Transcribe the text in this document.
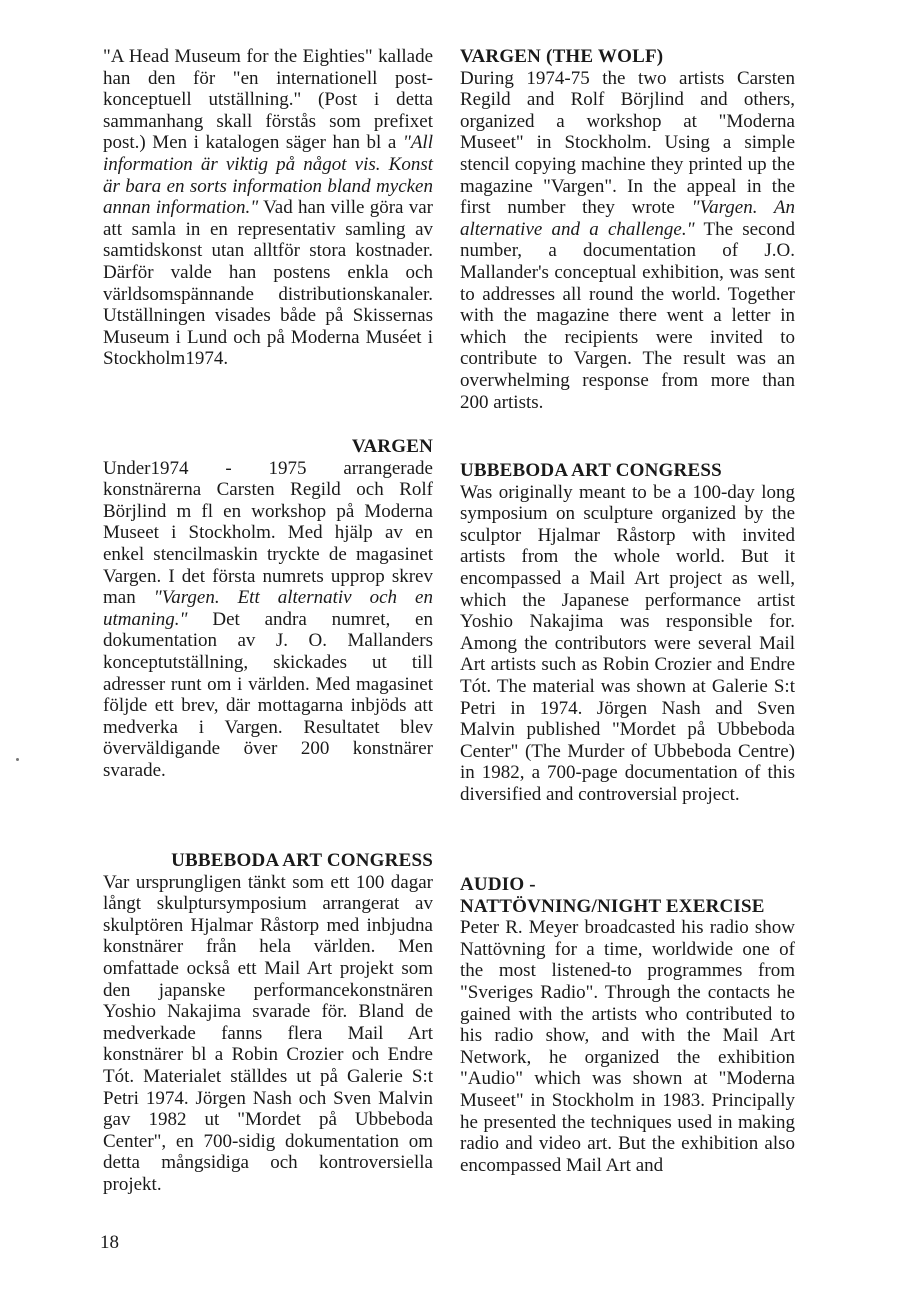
"A Head Museum for the Eighties" kallade han den för "en internationell post-konceptuell utställning." (Post i detta sammanhang skall förstås som prefixet post.) Men i katalogen säger han bl a "All information är viktig på något vis. Konst är bara en sorts information bland mycken annan information." Vad han ville göra var att samla in en representativ samling av samtidskonst utan alltför stora kostnader. Därför valde han postens enkla och världsomspännande distributionskanaler. Utställningen visades både på Skissernas Museum i Lund och på Moderna Muséet i Stockholm1974.

VARGEN

Under1974 - 1975 arrangerade konstnärerna Carsten Regild och Rolf Börjlind m fl en workshop på Moderna Museet i Stockholm. Med hjälp av en enkel stencilmaskin tryckte de magasinet Vargen. I det första numrets upprop skrev man "Vargen. Ett alternativ och en utmaning." Det andra numret, en dokumentation av J. O. Mallanders konceptutställning, skickades ut till adresser runt om i världen. Med magasinet följde ett brev, där mottagarna inbjöds att medverka i Vargen. Resultatet blev överväldigande över 200 konstnärer svarade.

UBBEBODA ART CONGRESS

Var ursprungligen tänkt som ett 100 dagar långt skulptursymposium arrangerat av skulptören Hjalmar Råstorp med inbjudna konstnärer från hela världen. Men omfattade också ett Mail Art projekt som den japanske performancekonstnären Yoshio Nakajima svarade för. Bland de medverkade fanns flera Mail Art konstnärer bl a Robin Crozier och Endre Tót. Materialet ställdes ut på Galerie S:t Petri 1974. Jörgen Nash och Sven Malvin gav 1982 ut "Mordet på Ubbeboda Center", en 700-sidig dokumentation om detta mångsidiga och kontroversiella projekt.

VARGEN (THE WOLF)

During 1974-75 the two artists Carsten Regild and Rolf Börjlind and others, organized a workshop at "Moderna Museet" in Stockholm. Using a simple stencil copying machine they printed up the magazine "Vargen". In the appeal in the first number they wrote "Vargen. An alternative and a challenge." The second number, a documentation of J.O. Mallander's conceptual exhibition, was sent to addresses all round the world. Together with the magazine there went a letter in which the recipients were invited to contribute to Vargen. The result was an overwhelming response from more than 200 artists.

UBBEBODA ART CONGRESS

Was originally meant to be a 100-day long symposium on sculpture organized by the sculptor Hjalmar Råstorp with invited artists from the whole world. But it encompassed a Mail Art project as well, which the Japanese performance artist Yoshio Nakajima was responsible for. Among the contributors were several Mail Art artists such as Robin Crozier and Endre Tót. The material was shown at Galerie S:t Petri in 1974. Jörgen Nash and Sven Malvin published "Mordet på Ubbeboda Center" (The Murder of Ubbeboda Centre) in 1982, a 700-page documentation of this diversified and controversial project.

AUDIO -
NATTÖVNING/NIGHT EXERCISE

Peter R. Meyer broadcasted his radio show Nattövning for a time, worldwide one of the most listened-to programmes from "Sveriges Radio". Through the contacts he gained with the artists who contributed to his radio show, and with the Mail Art Network, he organized the exhibition "Audio" which was shown at "Moderna Museet" in Stockholm in 1983. Principally he presented the techniques used in making radio and video art. But the exhibition also encompassed Mail Art and

18
